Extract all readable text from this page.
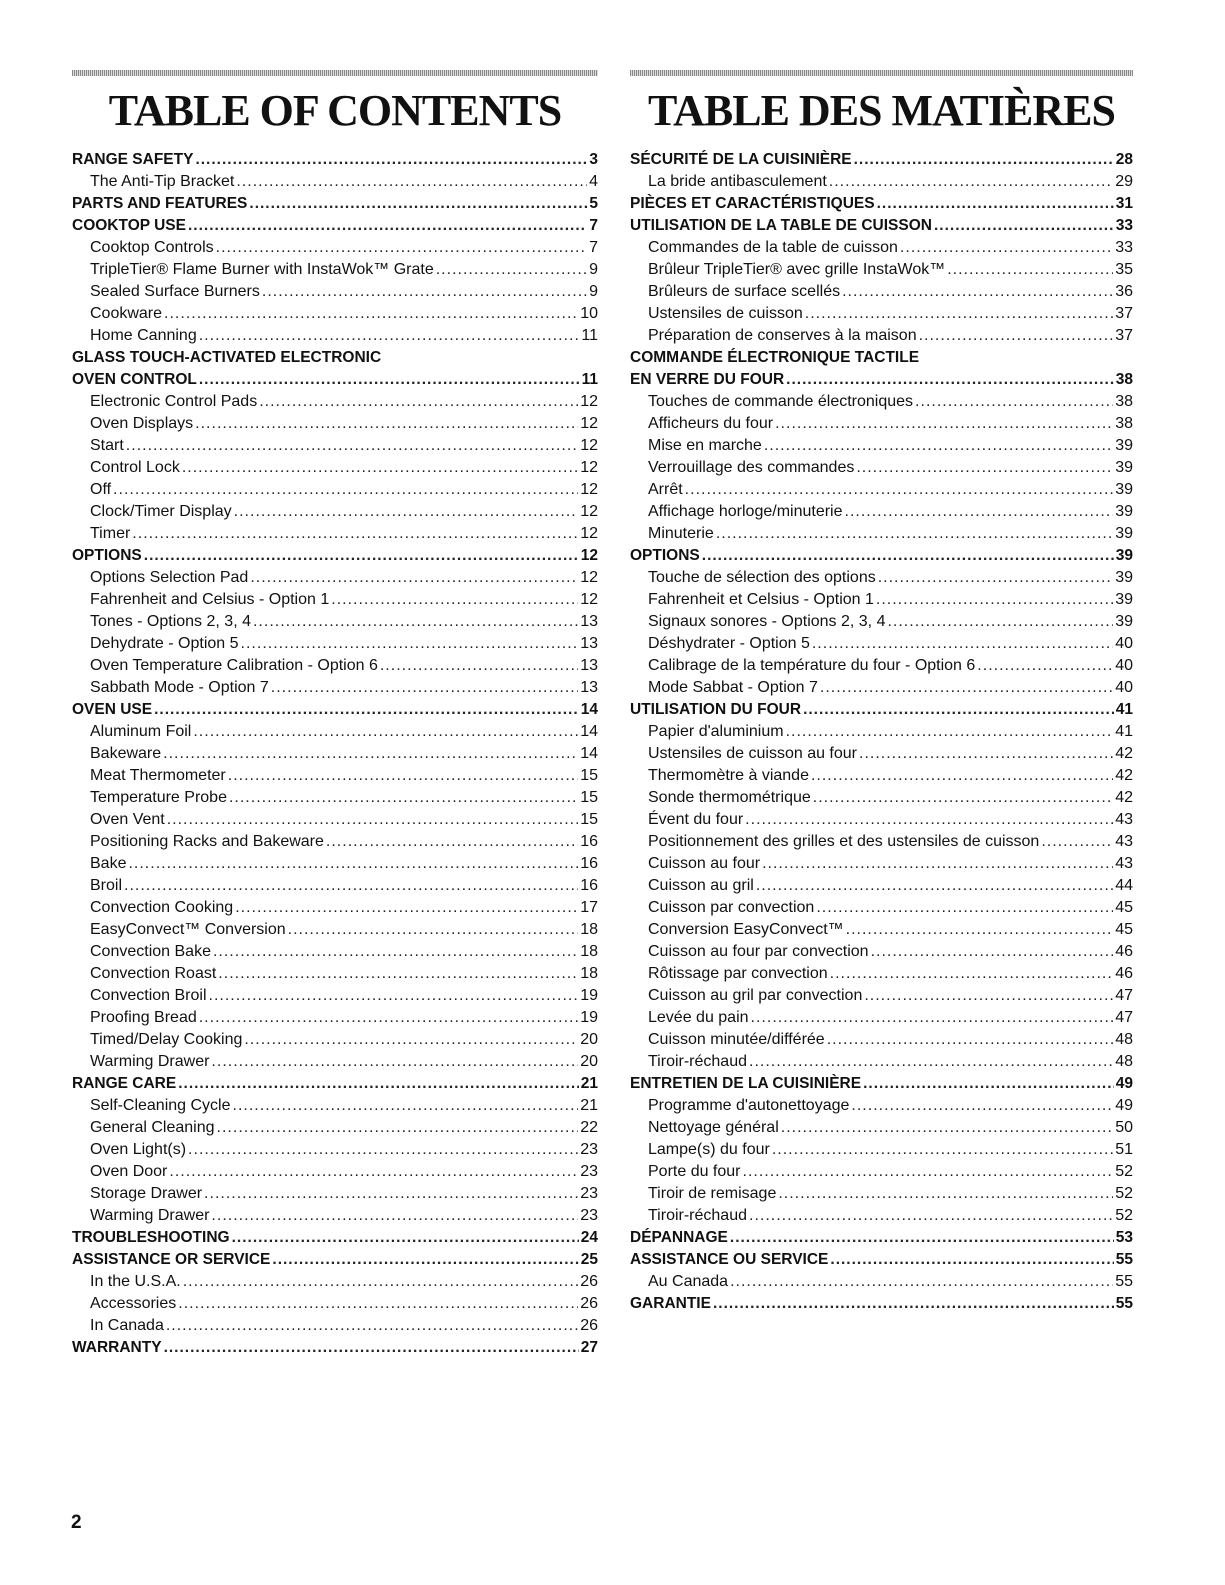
TABLE OF CONTENTS
RANGE SAFETY .....	3
The Anti-Tip Bracket .....	4
PARTS AND FEATURES .....	5
COOKTOP USE .....	7
Cooktop Controls .....	7
TripleTier® Flame Burner with InstaWok™ Grate .....	9
Sealed Surface Burners .....	9
Cookware .....	10
Home Canning .....	11
GLASS TOUCH-ACTIVATED ELECTRONIC
OVEN CONTROL .....	11
Electronic Control Pads .....	12
Oven Displays .....	12
Start .....	12
Control Lock .....	12
Off .....	12
Clock/Timer Display .....	12
Timer .....	12
OPTIONS .....	12
Options Selection Pad .....	12
Fahrenheit and Celsius - Option 1 .....	12
Tones - Options 2, 3, 4 .....	13
Dehydrate - Option 5 .....	13
Oven Temperature Calibration - Option 6 .....	13
Sabbath Mode - Option 7 .....	13
OVEN USE .....	14
Aluminum Foil .....	14
Bakeware .....	14
Meat Thermometer .....	15
Temperature Probe .....	15
Oven Vent .....	15
Positioning Racks and Bakeware .....	16
Bake .....	16
Broil .....	16
Convection Cooking .....	17
EasyConvect™ Conversion .....	18
Convection Bake .....	18
Convection Roast .....	18
Convection Broil .....	19
Proofing Bread .....	19
Timed/Delay Cooking .....	20
Warming Drawer .....	20
RANGE CARE .....	21
Self-Cleaning Cycle .....	21
General Cleaning .....	22
Oven Light(s) .....	23
Oven Door .....	23
Storage Drawer .....	23
Warming Drawer .....	23
TROUBLESHOOTING .....	24
ASSISTANCE OR SERVICE .....	25
In the U.S.A. .....	26
Accessories .....	26
In Canada .....	26
WARRANTY .....	27
TABLE DES MATIÈRES
SÉCURITÉ DE LA CUISINIÈRE .....	28
La bride antibasculement .....	29
PIÈCES ET CARACTÉRISTIQUES .....	31
UTILISATION DE LA TABLE DE CUISSON .....	33
Commandes de la table de cuisson .....	33
Brûleur TripleTier® avec grille InstaWok™ .....	35
Brûleurs de surface scellés .....	36
Ustensiles de cuisson .....	37
Préparation de conserves à la maison .....	37
COMMANDE ÉLECTRONIQUE TACTILE
EN VERRE DU FOUR .....	38
Touches de commande électroniques .....	38
Afficheurs du four .....	38
Mise en marche .....	39
Verrouillage des commandes .....	39
Arrêt .....	39
Affichage horloge/minuterie .....	39
Minuterie .....	39
OPTIONS .....	39
Touche de sélection des options .....	39
Fahrenheit et Celsius - Option 1 .....	39
Signaux sonores - Options 2, 3, 4 .....	39
Déshydrater - Option 5 .....	40
Calibrage de la température du four - Option 6 .....	40
Mode Sabbat - Option 7 .....	40
UTILISATION DU FOUR .....	41
Papier d'aluminium .....	41
Ustensiles de cuisson au four .....	42
Thermomètre à viande .....	42
Sonde thermométrique .....	42
Évent du four .....	43
Positionnement des grilles et des ustensiles de cuisson .....	43
Cuisson au four .....	43
Cuisson au gril .....	44
Cuisson par convection .....	45
Conversion EasyConvect™ .....	45
Cuisson au four par convection .....	46
Rôtissage par convection .....	46
Cuisson au gril par convection .....	47
Levée du pain .....	47
Cuisson minutée/différée .....	48
Tiroir-réchaud .....	48
ENTRETIEN DE LA CUISINIÈRE .....	49
Programme d'autonettoyage .....	49
Nettoyage général .....	50
Lampe(s) du four .....	51
Porte du four .....	52
Tiroir de remisage .....	52
Tiroir-réchaud .....	52
DÉPANNAGE .....	53
ASSISTANCE OU SERVICE .....	55
Au Canada .....	55
GARANTIE .....	55
2
